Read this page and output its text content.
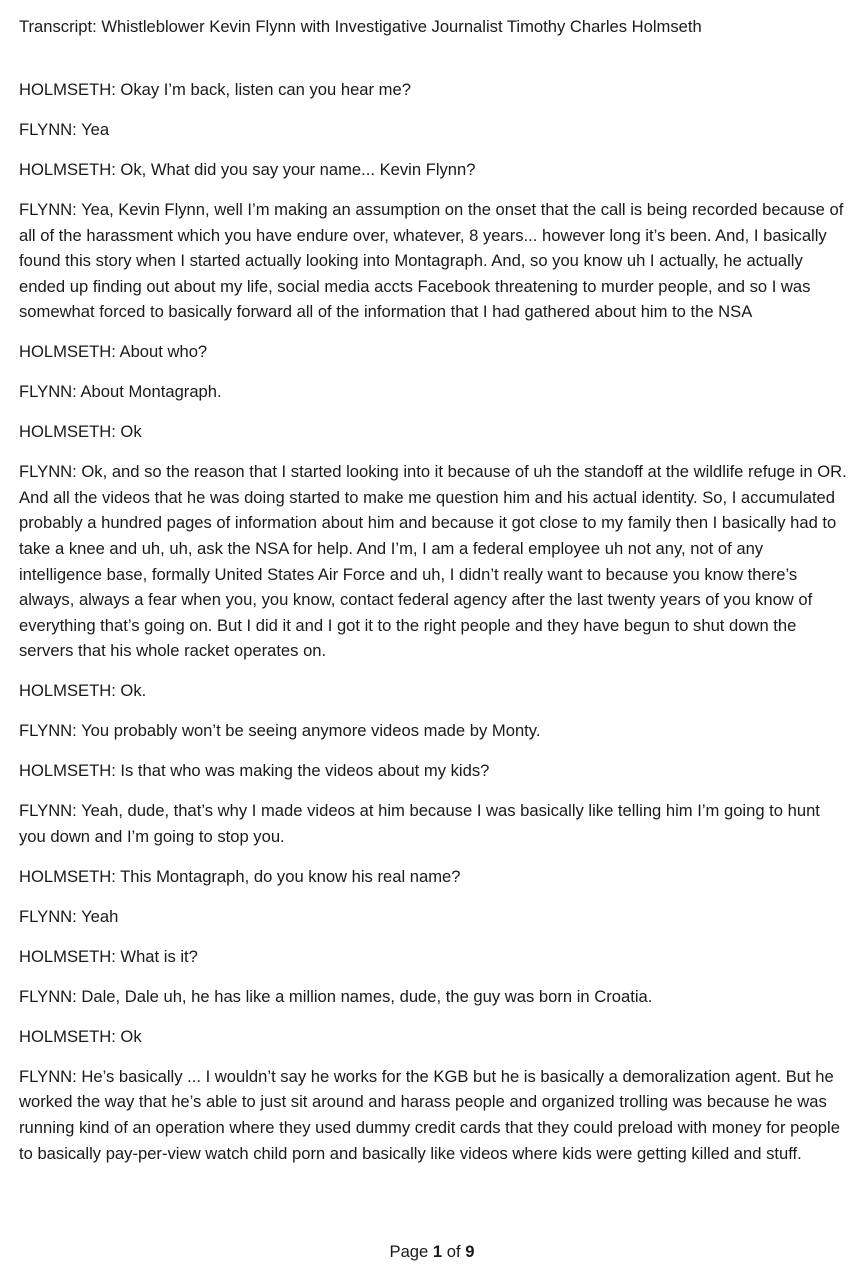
Transcript: Whistleblower Kevin Flynn with Investigative Journalist Timothy Charles Holmseth

HOLMSETH: Okay I’m back, listen can you hear me?

FLYNN: Yea

HOLMSETH: Ok, What did you say your name... Kevin Flynn?

FLYNN: Yea, Kevin Flynn, well I’m making an assumption on the onset that the call is being recorded because of all of the harassment which you have endure over, whatever, 8 years... however long it’s been. And, I basically found this story when I started actually looking into Montagraph. And, so you know uh I actually, he actually ended up finding out about my life, social media accts Facebook threatening to murder people, and so I was somewhat forced to basically forward all of the information that I had gathered about him to the NSA

HOLMSETH: About who?

FLYNN: About Montagraph.

HOLMSETH: Ok

FLYNN: Ok, and so the reason that I started looking into it because of uh the standoff at the wildlife refuge in OR. And all the videos that he was doing started to make me question him and his actual identity. So, I accumulated probably a hundred pages of information about him and because it got close to my family then I basically had to take a knee and uh, uh, ask the NSA for help. And I’m, I am a federal employee uh not any, not of any intelligence base, formally United States Air Force and uh, I didn’t really want to because you know there’s always, always a fear when you, you know, contact federal agency after the last twenty years of you know of everything that’s going on. But I did it and I got it to the right people and they have begun to shut down the servers that his whole racket operates on.

HOLMSETH: Ok.

FLYNN: You probably won’t be seeing anymore videos made by Monty.

HOLMSETH: Is that who was making the videos about my kids?

FLYNN: Yeah, dude, that’s why I made videos at him because I was basically like telling him I’m going to hunt you down and I’m going to stop you.

HOLMSETH: This Montagraph, do you know his real name?

FLYNN: Yeah

HOLMSETH: What is it?

FLYNN: Dale, Dale uh, he has like a million names, dude, the guy was born in Croatia.

HOLMSETH: Ok

FLYNN: He’s basically ... I wouldn’t say he works for the KGB but he is basically a demoralization agent. But he worked the way that he’s able to just sit around and harass people and organized trolling was because he was running kind of an operation where they used dummy credit cards that they could preload with money for people to basically pay-per-view watch child porn and basically like videos where kids were getting killed and stuff.

Page 1 of 9
